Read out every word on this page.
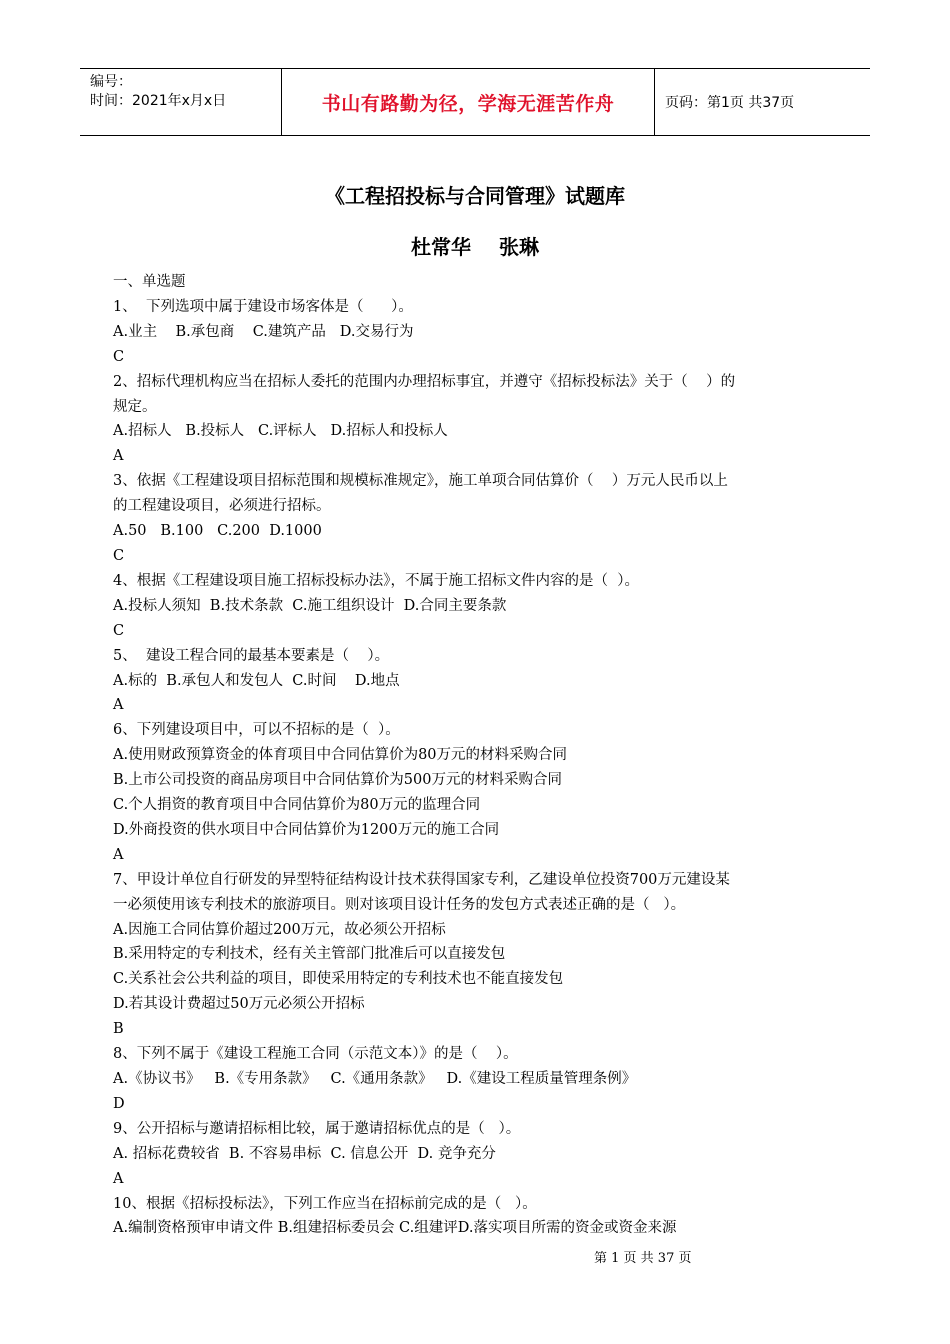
编号：
时间：2021年x月x日	书山有路勤为径，学海无涯苦作舟	页码：第1页 共37页
《工程招投标与合同管理》试题库
杜常华 张琳
一、单选题
1、  下列选项中属于建设市场客体是（      ）。
A.业主    B.承包商    C.建筑产品   D.交易行为
C
2、招标代理机构应当在招标人委托的范围内办理招标事宜，并遵守《招标投标法》关于（    ）的
规定。
A.招标人   B.投标人   C.评标人   D.招标人和投标人
A
3、依据《工程建设项目招标范围和规模标准规定》，施工单项合同估算价（    ）万元人民币以上
的工程建设项目，必须进行招标。
A.50   B.100   C.200  D.1000
C
4、根据《工程建设项目施工招标投标办法》，不属于施工招标文件内容的是（  ）。
A.投标人须知  B.技术条款  C.施工组织设计  D.合同主要条款
C
5、  建设工程合同的最基本要素是（    ）。
A.标的  B.承包人和发包人  C.时间    D.地点
A
6、下列建设项目中，可以不招标的是（  ）。
A.使用财政预算资金的体育项目中合同估算价为80万元的材料采购合同
B.上市公司投资的商品房项目中合同估算价为500万元的材料采购合同
C.个人捐资的教育项目中合同估算价为80万元的监理合同
D.外商投资的供水项目中合同估算价为1200万元的施工合同
A
7、甲设计单位自行研发的异型特征结构设计技术获得国家专利，乙建设单位投资700万元建设某
一必须使用该专利技术的旅游项目。则对该项目设计任务的发包方式表述正确的是（   ）。
A.因施工合同估算价超过200万元，故必须公开招标
B.采用特定的专利技术，经有关主管部门批准后可以直接发包
C.关系社会公共利益的项目，即使采用特定的专利技术也不能直接发包
D.若其设计费超过50万元必须公开招标
B
8、下列不属于《建设工程施工合同（示范文本）》的是（    ）。
A.《协议书》   B.《专用条款》   C.《通用条款》   D.《建设工程质量管理条例》
D
9、公开招标与邀请招标相比较，属于邀请招标优点的是（   ）。
A. 招标花费较省  B. 不容易串标  C. 信息公开  D. 竞争充分
A
10、根据《招标投标法》，下列工作应当在招标前完成的是（   ）。
A.编制资格预审申请文件 B.组建招标委员会 C.组建评D.落实项目所需的资金或资金来源
第 1 页 共 37 页
